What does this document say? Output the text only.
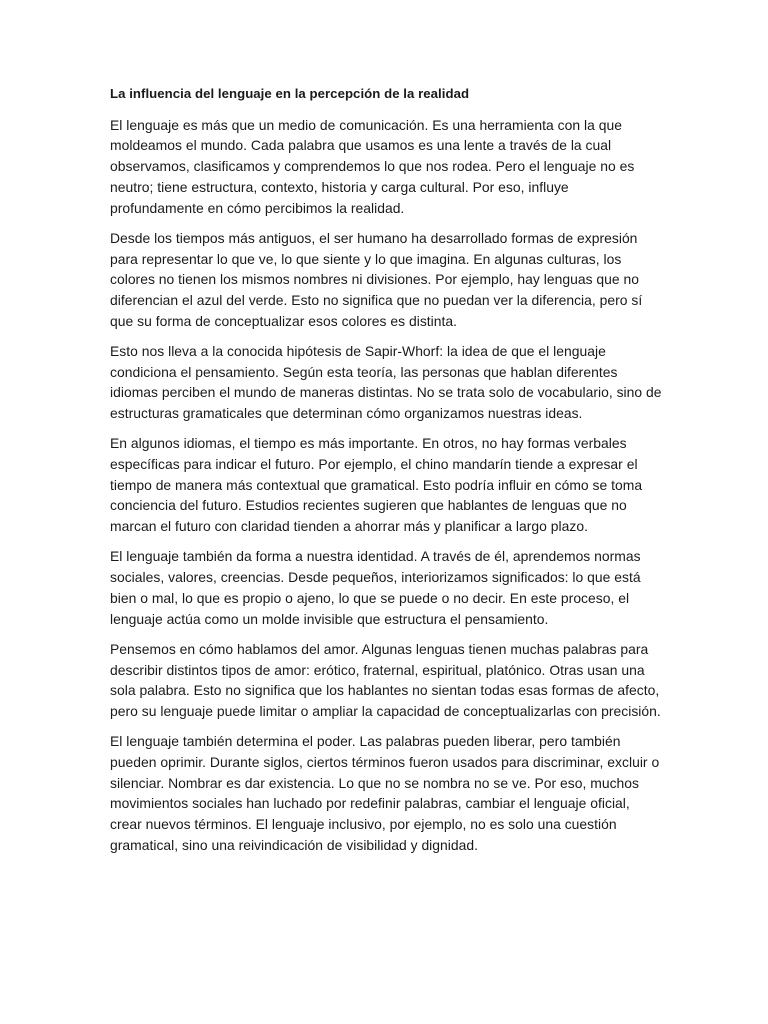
La influencia del lenguaje en la percepción de la realidad

El lenguaje es más que un medio de comunicación. Es una herramienta con la que moldeamos el mundo. Cada palabra que usamos es una lente a través de la cual observamos, clasificamos y comprendemos lo que nos rodea. Pero el lenguaje no es neutro; tiene estructura, contexto, historia y carga cultural. Por eso, influye profundamente en cómo percibimos la realidad.

Desde los tiempos más antiguos, el ser humano ha desarrollado formas de expresión para representar lo que ve, lo que siente y lo que imagina. En algunas culturas, los colores no tienen los mismos nombres ni divisiones. Por ejemplo, hay lenguas que no diferencian el azul del verde. Esto no significa que no puedan ver la diferencia, pero sí que su forma de conceptualizar esos colores es distinta.

Esto nos lleva a la conocida hipótesis de Sapir-Whorf: la idea de que el lenguaje condiciona el pensamiento. Según esta teoría, las personas que hablan diferentes idiomas perciben el mundo de maneras distintas. No se trata solo de vocabulario, sino de estructuras gramaticales que determinan cómo organizamos nuestras ideas.

En algunos idiomas, el tiempo es más importante. En otros, no hay formas verbales específicas para indicar el futuro. Por ejemplo, el chino mandarín tiende a expresar el tiempo de manera más contextual que gramatical. Esto podría influir en cómo se toma conciencia del futuro. Estudios recientes sugieren que hablantes de lenguas que no marcan el futuro con claridad tienden a ahorrar más y planificar a largo plazo.

El lenguaje también da forma a nuestra identidad. A través de él, aprendemos normas sociales, valores, creencias. Desde pequeños, interiorizamos significados: lo que está bien o mal, lo que es propio o ajeno, lo que se puede o no decir. En este proceso, el lenguaje actúa como un molde invisible que estructura el pensamiento.

Pensemos en cómo hablamos del amor. Algunas lenguas tienen muchas palabras para describir distintos tipos de amor: erótico, fraternal, espiritual, platónico. Otras usan una sola palabra. Esto no significa que los hablantes no sientan todas esas formas de afecto, pero su lenguaje puede limitar o ampliar la capacidad de conceptualizarlas con precisión.

El lenguaje también determina el poder. Las palabras pueden liberar, pero también pueden oprimir. Durante siglos, ciertos términos fueron usados para discriminar, excluir o silenciar. Nombrar es dar existencia. Lo que no se nombra no se ve. Por eso, muchos movimientos sociales han luchado por redefinir palabras, cambiar el lenguaje oficial, crear nuevos términos. El lenguaje inclusivo, por ejemplo, no es solo una cuestión gramatical, sino una reivindicación de visibilidad y dignidad.
